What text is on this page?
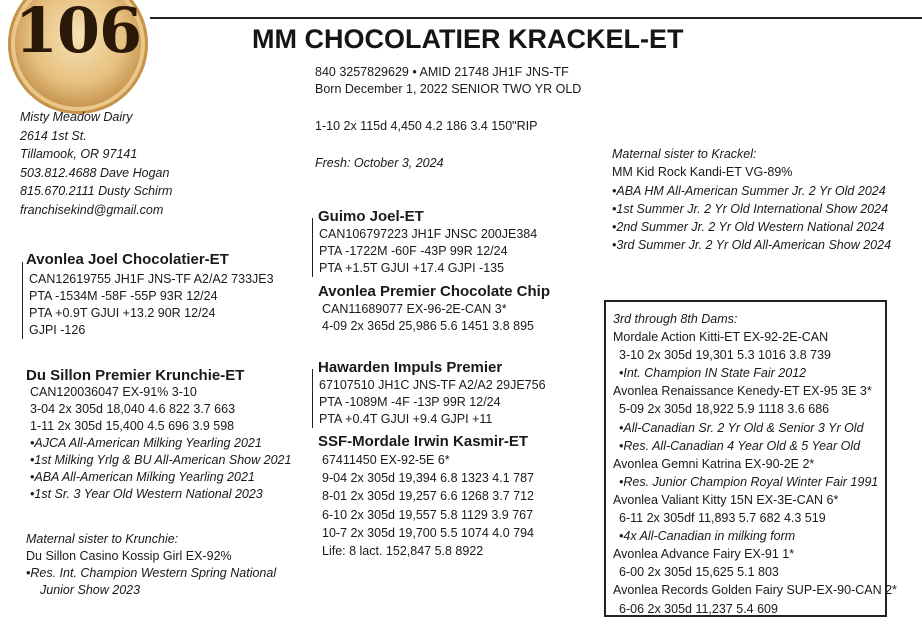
106	MM CHOCOLATIER KRACKEL-ET
840 3257829629 • AMID 21748 JH1F JNS-TF
Born December 1, 2022 SENIOR TWO YR OLD
1-10 2x 115d 4,450 4.2 186 3.4 150"RIP
Fresh: October 3, 2024
Misty Meadow Dairy
2614 1st St.
Tillamook, OR 97141
503.812.4688 Dave Hogan
815.670.2111 Dusty Schirm
franchisekind@gmail.com
Avonlea Joel Chocolatier-ET
CAN12619755 JH1F JNS-TF A2/A2 733JE3
PTA -1534M -58F -55P 93R 12/24
PTA +0.9T GJUI +13.2 90R 12/24
GJPI -126
Guimo Joel-ET
CAN106797223 JH1F JNSC 200JE384
PTA -1722M -60F -43P 99R 12/24
PTA +1.5T GJUI +17.4 GJPI -135
Avonlea Premier Chocolate Chip
CAN11689077 EX-96-2E-CAN 3*
4-09 2x 365d 25,986 5.6 1451 3.8 895
Du Sillon Premier Krunchie-ET
CAN120036047 EX-91% 3-10
3-04 2x 305d 18,040 4.6 822 3.7 663
1-11 2x 305d 15,400 4.5 696 3.9 598
•AJCA All-American Milking Yearling 2021
•1st Milking Yrlg & BU All-American Show 2021
•ABA All-American Milking Yearling 2021
•1st Sr. 3 Year Old Western National 2023
Hawarden Impuls Premier
67107510 JH1C JNS-TF A2/A2 29JE756
PTA -1089M -4F -13P 99R 12/24
PTA +0.4T GJUI +9.4 GJPI +11
SSF-Mordale Irwin Kasmir-ET
67411450 EX-92-5E 6*
9-04 2x 305d 19,394 6.8 1323 4.1 787
8-01 2x 305d 19,257 6.6 1268 3.7 712
6-10 2x 305d 19,557 5.8 1129 3.9 767
10-7 2x 305d 19,700 5.5 1074 4.0 794
Life: 8 lact. 152,847 5.8 8922
Maternal sister to Krunchie:
Du Sillon Casino Kossip Girl EX-92%
•Res. Int. Champion Western Spring National
Junior Show 2023
Maternal sister to Krackel:
MM Kid Rock Kandi-ET VG-89%
•ABA HM All-American Summer Jr. 2 Yr Old 2024
•1st Summer Jr. 2 Yr Old International Show 2024
•2nd Summer Jr. 2 Yr Old Western National 2024
•3rd Summer Jr. 2 Yr Old All-American Show 2024
3rd through 8th Dams:
Mordale Action Kitti-ET EX-92-2E-CAN
3-10 2x 305d 19,301 5.3 1016 3.8 739
•Int. Champion IN State Fair 2012
Avonlea Renaissance Kenedy-ET EX-95 3E 3*
5-09 2x 305d 18,922 5.9 1118 3.6 686
•All-Canadian Sr. 2 Yr Old & Senior 3 Yr Old
•Res. All-Canadian 4 Year Old & 5 Year Old
Avonlea Gemni Katrina EX-90-2E 2*
•Res. Junior Champion Royal Winter Fair 1991
Avonlea Valiant Kitty 15N EX-3E-CAN 6*
6-11 2x 305df 11,893 5.7 682 4.3 519
•4x All-Canadian in milking form
Avonlea Advance Fairy EX-91 1*
6-00 2x 305d 15,625 5.1 803
Avonlea Records Golden Fairy SUP-EX-90-CAN 2*
6-06 2x 305d 11,237 5.4 609
